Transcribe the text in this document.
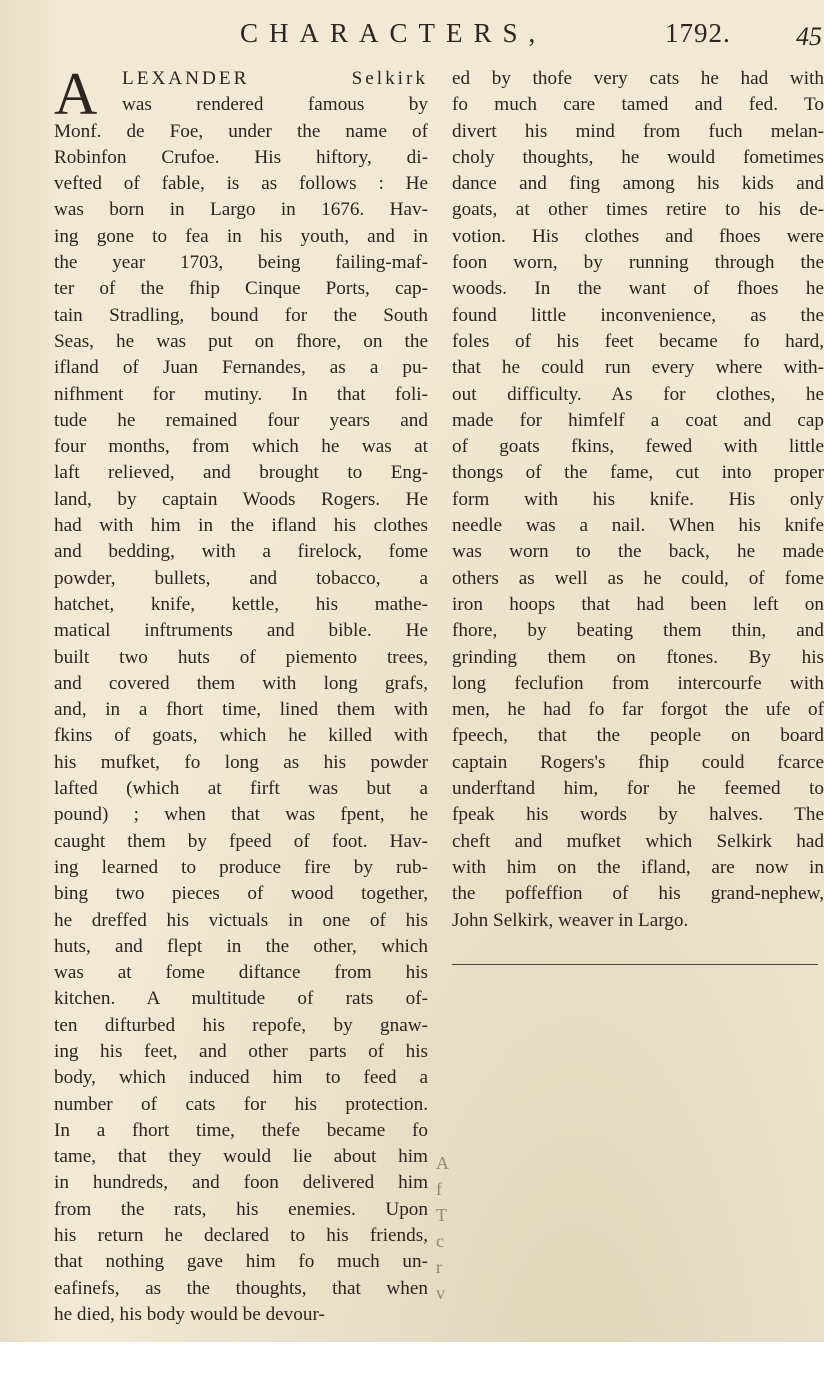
CHARACTERS,	1792.	45
A	LEXANDER Selkirk
was rendered famous by
Monf. de Foe, under the name of
Robinfon Crufoe. His hiftory, di-
vefted of fable, is as follows : He
was born in Largo in 1676. Hav-
ing gone to fea in his youth, and in
the year 1703, being failing-maf-
ter of the fhip Cinque Ports, cap-
tain Stradling, bound for the South
Seas, he was put on fhore, on the
ifland of Juan Fernandes, as a pu-
nifhment for mutiny. In that foli-
tude he remained four years and
four months, from which he was at
laft relieved, and brought to Eng-
land, by captain Woods Rogers. He
had with him in the ifland his clothes
and bedding, with a firelock, fome
powder, bullets, and tobacco, a
hatchet, knife, kettle, his mathe-
matical inftruments and bible. He
built two huts of piemento trees,
and covered them with long grafs,
and, in a fhort time, lined them with
fkins of goats, which he killed with
his mufket, fo long as his powder
lafted (which at firft was but a
pound) ; when that was fpent, he
caught them by fpeed of foot. Hav-
ing learned to produce fire by rub-
bing two pieces of wood together,
he dreffed his victuals in one of his
huts, and flept in the other, which
was at fome diftance from his
kitchen. A multitude of rats of-
ten difturbed his repofe, by gnaw-
ing his feet, and other parts of his
body, which induced him to feed a
number of cats for his protection.
In a fhort time, thefe became fo
tame, that they would lie about him
in hundreds, and foon delivered him
from the rats, his enemies. Upon
his return he declared to his friends,
that nothing gave him fo much un-
eafinefs, as the thoughts, that when
he died, his body would be devour-
ed by thofe very cats he had with
fo much care tamed and fed. To
divert his mind from fuch melan-
choly thoughts, he would fometimes
dance and fing among his kids and
goats, at other times retire to his de-
votion. His clothes and fhoes were
foon worn, by running through the
woods. In the want of fhoes he
found little inconvenience, as the
foles of his feet became fo hard,
that he could run every where with-
out difficulty. As for clothes, he
made for himfelf a coat and cap
of goats fkins, fewed with little
thongs of the fame, cut into proper
form with his knife. His only
needle was a nail. When his knife
was worn to the back, he made
others as well as he could, of fome
iron hoops that had been left on
fhore, by beating them thin, and
grinding them on ftones. By his
long feclufion from intercourfe with
men, he had fo far forgot the ufe of
fpeech, that the people on board
captain Rogers's fhip could fcarce
underftand him, for he feemed to
fpeak his words by halves. The
cheft and mufket which Selkirk had
with him on the ifland, are now in
the poffeffion of his grand-nephew,
John Selkirk, weaver in Largo.
A
f
T
c
r
v
